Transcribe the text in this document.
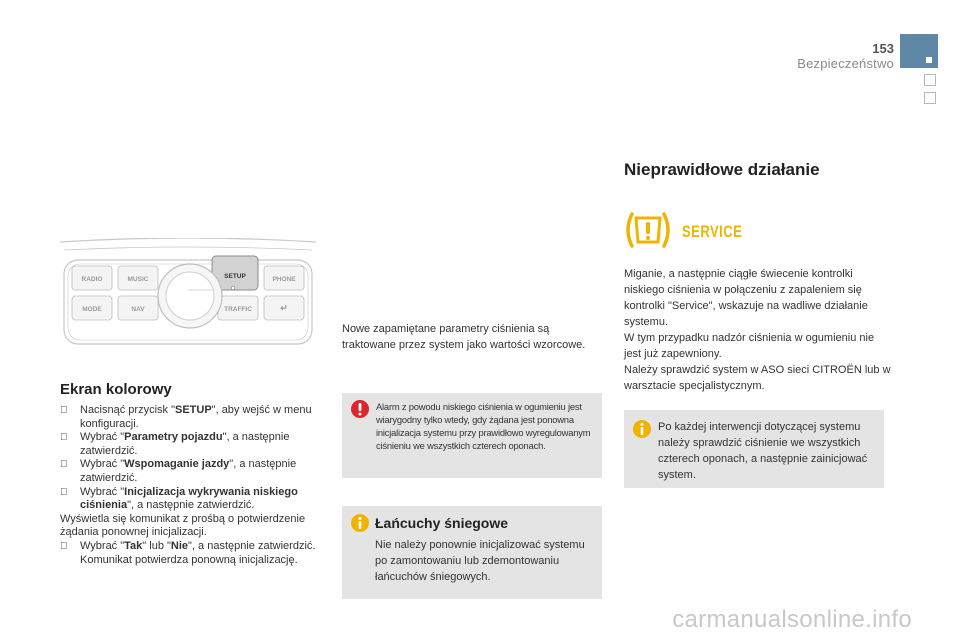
153
Bezpieczeństwo
RADIO	MUSIC	SETUP	PHONE
MODE	NAV	TRAFFIC	↵
Ekran kolorowy
Nacisnąć przycisk "SETUP", aby wejść w menu konfiguracji.
Wybrać "Parametry pojazdu", a następnie zatwierdzić.
Wybrać "Wspomaganie jazdy", a następnie zatwierdzić.
Wybrać "Inicjalizacja wykrywania niskiego ciśnienia", a następnie zatwierdzić.
Wyświetla się komunikat z prośbą o potwierdzenie żądania ponownej inicjalizacji.
Wybrać "Tak" lub "Nie", a następnie zatwierdzić. Komunikat potwierdza ponowną inicjalizację.
Nowe zapamiętane parametry ciśnienia są traktowane przez system jako wartości wzorcowe.
Alarm z powodu niskiego ciśnienia w ogumieniu jest wiarygodny tylko wtedy, gdy żądana jest ponowna inicjalizacja systemu przy prawidłowo wyregulowanym ciśnieniu we wszystkich czterech oponach.
Łańcuchy śniegowe
Nie należy ponownie inicjalizować systemu po zamontowaniu lub zdemontowaniu łańcuchów śniegowych.
Nieprawidłowe działanie
SERVICE
Miganie, a następnie ciągłe świecenie kontrolki niskiego ciśnienia w połączeniu z zapaleniem się kontrolki "Service", wskazuje na wadliwe działanie systemu.
W tym przypadku nadzór ciśnienia w ogumieniu nie jest już zapewniony.
Należy sprawdzić system w ASO sieci CITROËN lub w warsztacie specjalistycznym.
Po każdej interwencji dotyczącej systemu należy sprawdzić ciśnienie we wszystkich czterech oponach, a następnie zainicjować system.
carmanualsonline.info
